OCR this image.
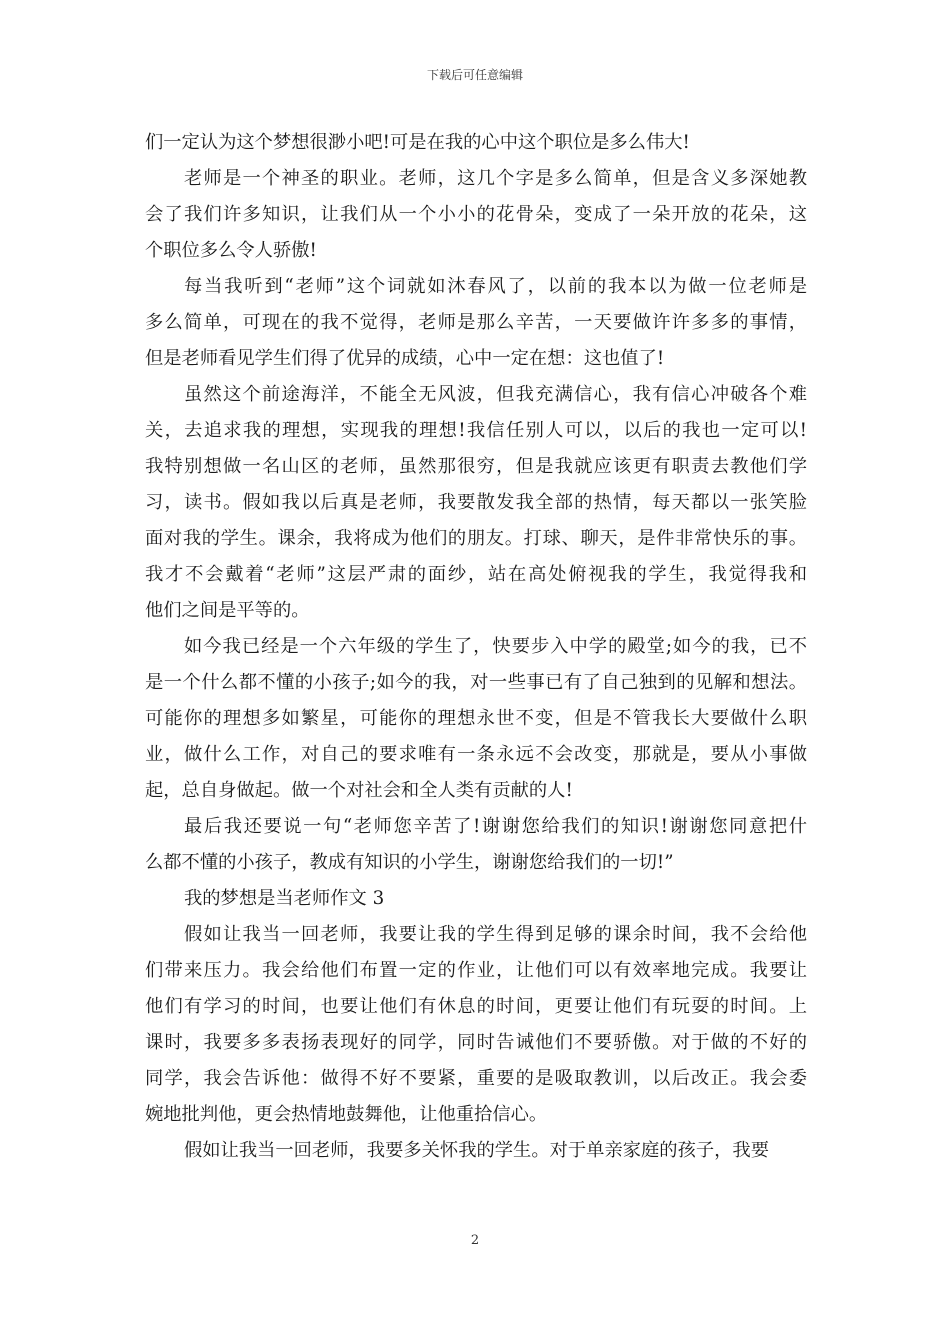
下载后可任意编辑
们一定认为这个梦想很渺小吧!可是在我的心中这个职位是多么伟大!
老师是一个神圣的职业。老师，这几个字是多么简单，但是含义多深她教
会了我们许多知识，让我们从一个小小的花骨朵，变成了一朵开放的花朵，这
个职位多么令人骄傲!
每当我听到“老师”这个词就如沐春风了，以前的我本以为做一位老师是
多么简单，可现在的我不觉得，老师是那么辛苦，一天要做许许多多的事情，
但是老师看见学生们得了优异的成绩，心中一定在想：这也值了!
虽然这个前途海洋，不能全无风波，但我充满信心，我有信心冲破各个难
关，去追求我的理想，实现我的理想!我信任别人可以，以后的我也一定可以!
我特别想做一名山区的老师，虽然那很穷，但是我就应该更有职责去教他们学
习，读书。假如我以后真是老师，我要散发我全部的热情，每天都以一张笑脸
面对我的学生。课余，我将成为他们的朋友。打球、聊天，是件非常快乐的事。
我才不会戴着“老师”这层严肃的面纱，站在高处俯视我的学生，我觉得我和
他们之间是平等的。
如今我已经是一个六年级的学生了，快要步入中学的殿堂;如今的我，已不
是一个什么都不懂的小孩子;如今的我，对一些事已有了自己独到的见解和想法。
可能你的理想多如繁星，可能你的理想永世不变，但是不管我长大要做什么职
业，做什么工作，对自己的要求唯有一条永远不会改变，那就是，要从小事做
起，总自身做起。做一个对社会和全人类有贡献的人!
最后我还要说一句“老师您辛苦了!谢谢您给我们的知识!谢谢您同意把什
么都不懂的小孩子，教成有知识的小学生，谢谢您给我们的一切!”
我的梦想是当老师作文 3
假如让我当一回老师，我要让我的学生得到足够的课余时间，我不会给他
们带来压力。我会给他们布置一定的作业，让他们可以有效率地完成。我要让
他们有学习的时间，也要让他们有休息的时间，更要让他们有玩耍的时间。上
课时，我要多多表扬表现好的同学，同时告诫他们不要骄傲。对于做的不好的
同学，我会告诉他：做得不好不要紧，重要的是吸取教训，以后改正。我会委
婉地批判他，更会热情地鼓舞他，让他重拾信心。
假如让我当一回老师，我要多关怀我的学生。对于单亲家庭的孩子，我要
2
